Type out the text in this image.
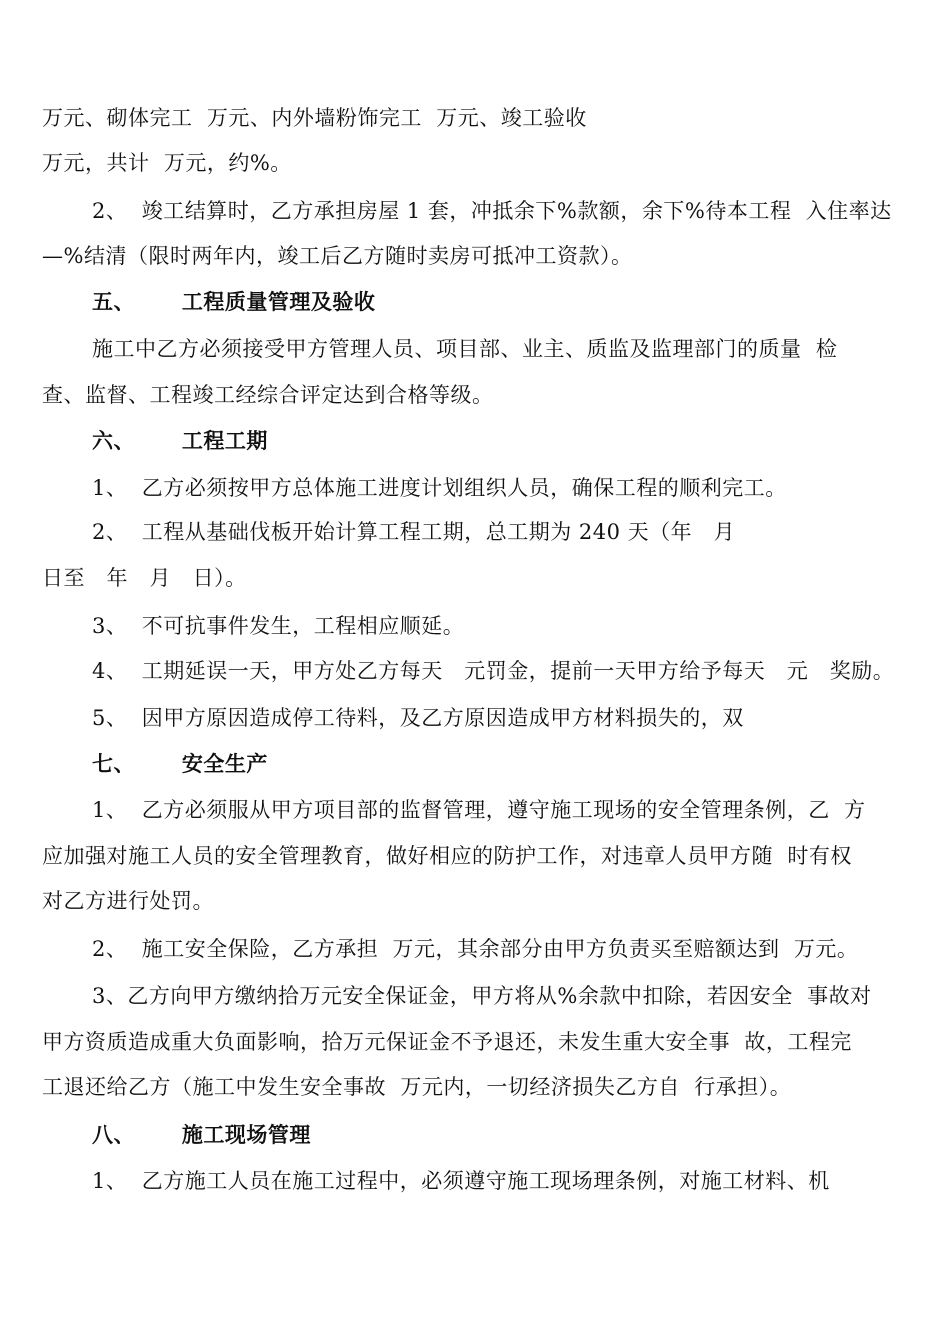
万元、砌体完工  万元、内外墙粉饰完工  万元、竣工验收
万元，共计  万元，约%。
2、  竣工结算时，乙方承担房屋 1 套，冲抵余下%款额，余下%待本工程  入住率达
—%结清（限时两年内，竣工后乙方随时卖房可抵冲工资款）。
五、      工程质量管理及验收
施工中乙方必须接受甲方管理人员、项目部、业主、质监及监理部门的质量  检
查、监督、工程竣工经综合评定达到合格等级。
六、      工程工期
1、  乙方必须按甲方总体施工进度计划组织人员，确保工程的顺利完工。
2、  工程从基础伐板开始计算工程工期，总工期为 240 天（年   月
日至   年   月   日）。
3、  不可抗事件发生，工程相应顺延。
4、  工期延误一天，甲方处乙方每天   元罚金，提前一天甲方给予每天   元   奖励。
5、  因甲方原因造成停工待料，及乙方原因造成甲方材料损失的，双
七、      安全生产
1、  乙方必须服从甲方项目部的监督管理，遵守施工现场的安全管理条例，乙  方
应加强对施工人员的安全管理教育，做好相应的防护工作，对违章人员甲方随  时有权
对乙方进行处罚。
2、  施工安全保险，乙方承担  万元，其余部分由甲方负责买至赔额达到  万元。
3、乙方向甲方缴纳拾万元安全保证金，甲方将从%余款中扣除，若因安全  事故对
甲方资质造成重大负面影响，拾万元保证金不予退还，未发生重大安全事  故，工程完
工退还给乙方（施工中发生安全事故  万元内，一切经济损失乙方自  行承担）。
八、      施工现场管理
1、  乙方施工人员在施工过程中，必须遵守施工现场理条例，对施工材料、机
